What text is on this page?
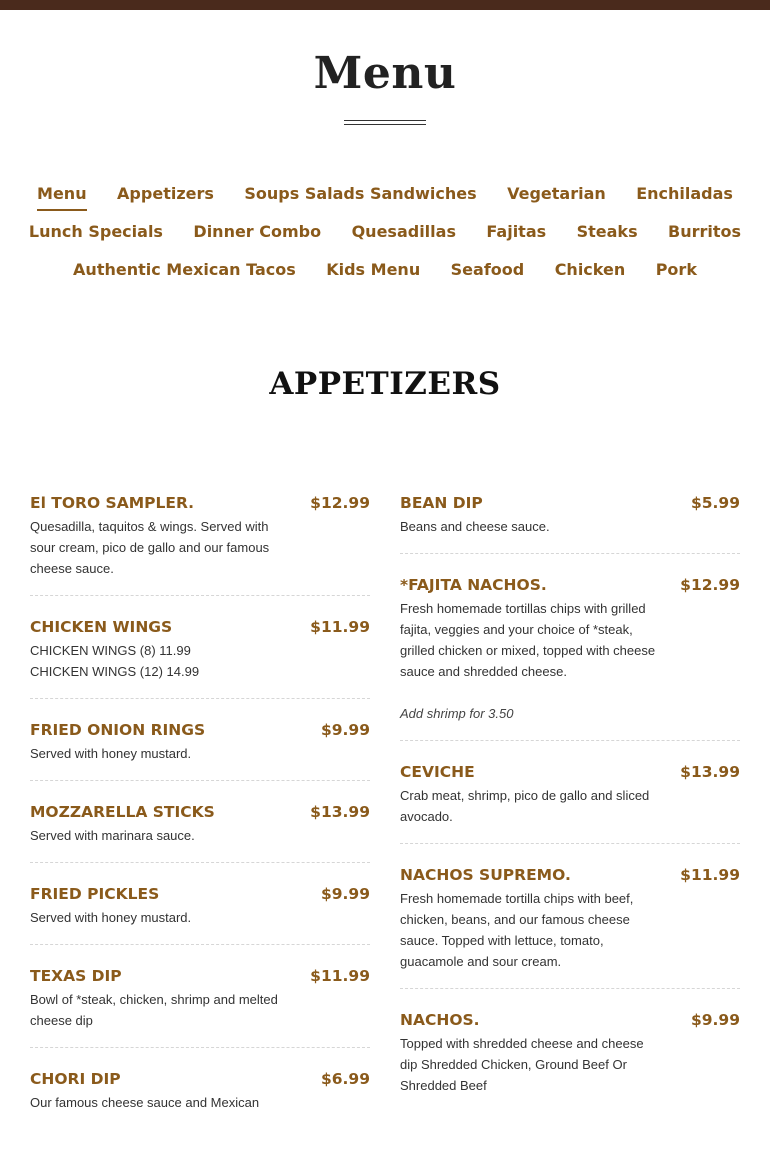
Menu
Menu Appetizers Soups Salads Sandwiches Vegetarian Enchiladas
Lunch Specials Dinner Combo Quesadillas Fajitas Steaks Burritos
Authentic Mexican Tacos Kids Menu Seafood Chicken Pork
APPETIZERS
El TORO SAMPLER.	$12.99

Quesadilla, taquitos & wings. Served with sour cream, pico de gallo and our famous cheese sauce.

CHICKEN WINGS	$11.99

CHICKEN WINGS (8) 11.99

CHICKEN WINGS (12) 14.99

FRIED ONION RINGS	$9.99

Served with honey mustard.

MOZZARELLA STICKS	$13.99

Served with marinara sauce.

FRIED PICKLES	$9.99

Served with honey mustard.

TEXAS DIP	$11.99

Bowl of *steak, chicken, shrimp and melted cheese dip

CHORI DIP	$6.99

Our famous cheese sauce and Mexican

BEAN DIP	$5.99

Beans and cheese sauce.

*FAJITA NACHOS.	$12.99

Fresh homemade tortillas chips with grilled fajita, veggies and your choice of *steak, grilled chicken or mixed, topped with cheese sauce and shredded cheese.

Add shrimp for 3.50

CEVICHE	$13.99

Crab meat, shrimp, pico de gallo and sliced avocado.

NACHOS SUPREMO.	$11.99

Fresh homemade tortilla chips with beef, chicken, beans, and our famous cheese sauce. Topped with lettuce, tomato, guacamole and sour cream.

NACHOS.	$9.99

Topped with shredded cheese and cheese dip Shredded Chicken, Ground Beef Or Shredded Beef
